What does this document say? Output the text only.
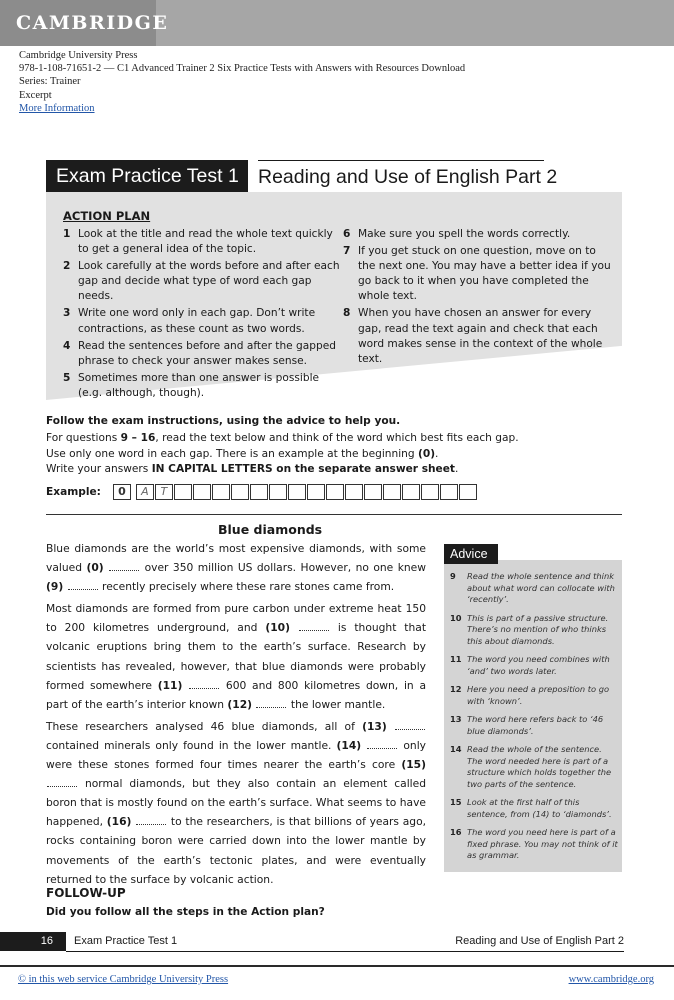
CAMBRIDGE
Cambridge University Press
978-1-108-71651-2 — C1 Advanced Trainer 2 Six Practice Tests with Answers with Resources Download
Series: Trainer
Excerpt
More Information
Exam Practice Test 1 Reading and Use of English Part 2
ACTION PLAN
1 Look at the title and read the whole text quickly to get a general idea of the topic.
2 Look carefully at the words before and after each gap and decide what type of word each gap needs.
3 Write one word only in each gap. Don’t write contractions, as these count as two words.
4 Read the sentences before and after the gapped phrase to check your answer makes sense.
5 Sometimes more than one answer is possible
(e.g. although, though).
6 Make sure you spell the words correctly.
7 If you get stuck on one question, move on to the next one. You may have a better idea if you go back to it when you have completed the whole text.
8 When you have chosen an answer for every gap, read the text again and check that each word makes sense in the context of the whole text.
Follow the exam instructions, using the advice to help you.
For questions 9 – 16, read the text below and think of the word which best fits each gap.
Use only one word in each gap. There is an example at the beginning (0).
Write your answers IN CAPITAL LETTERS on the separate answer sheet.
Example:	0	A	T
Blue diamonds

Blue diamonds are the world’s most expensive diamonds, with some valued (0)	over 350 million US dollars. However, no one knew (9)	recently precisely where these rare stones came from.

Most diamonds are formed from pure carbon under extreme heat 150 to 200 kilometres underground, and (10)	is thought that volcanic eruptions bring them to the earth’s surface. Research by scientists has revealed, however, that blue diamonds were probably formed somewhere (11)	600 and 800 kilometres down, in a part of the earth’s interior known (12)	the lower mantle.

These researchers analysed 46 blue diamonds, all of (13)  contained minerals only found in the lower mantle. (14)	only were these stones formed four times nearer the earth’s core (15)  normal diamonds, but they also contain an element called boron that is mostly found on the earth’s surface. What seems to have happened, (16)	to the researchers, is that billions of years ago, rocks containing boron were carried down into the lower mantle by movements of the earth’s tectonic plates, and were eventually returned to the surface by volcanic action.

Advice
9	Read the whole sentence and think about what word can collocate with ‘recently’.
10 This is part of a passive structure. There’s no mention of who thinks this about diamonds.
11 The word you need combines with ‘and’ two words later.
12 Here you need a preposition to go with ‘known’.
13 The word here refers back to ‘46 blue diamonds’.
14 Read the whole of the sentence. The word needed here is part of a structure which holds together the two parts of the sentence.
15 Look at the first half of this sentence, from (14) to ‘diamonds’.
16 The word you need here is part of a fixed phrase. You may not think of it as grammar.
FOLLOW-UP
Did you follow all the steps in the Action plan?
16	Exam Practice Test 1	Reading and Use of English Part 2
© in this web service Cambridge University Press	www.cambridge.org
